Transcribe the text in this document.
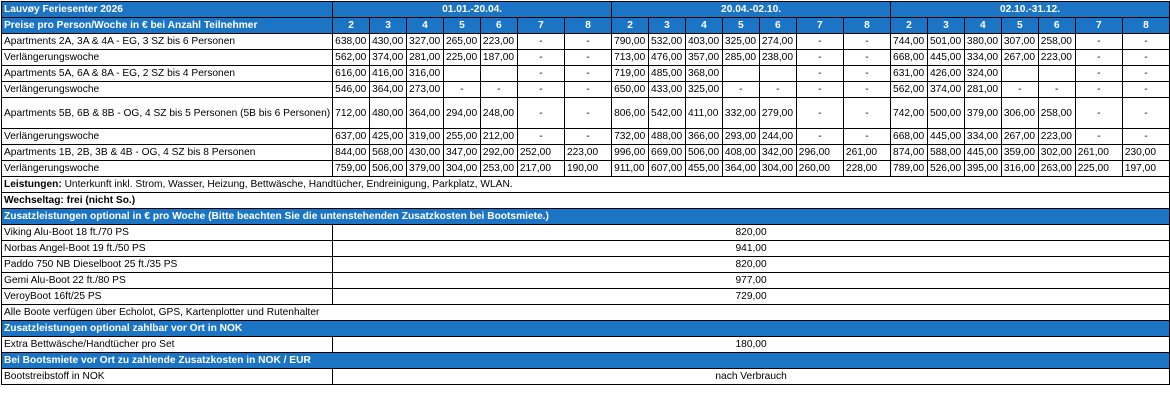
Lauvøy Feriesenter 2026	01.01.-20.04.							20.04.-02.10.							02.10.-31.12.						
Preise pro Person/Woche in € bei Anzahl Teilnehmer	2	3	4	5	6	7	8	2	3	4	5	6	7	8	2	3	4	5	6	7	8
Apartments 2A, 3A & 4A - EG, 3 SZ bis 6 Personen	638,00	430,00	327,00	265,00	223,00	-	-	790,00	532,00	403,00	325,00	274,00	-	-	744,00	501,00	380,00	307,00	258,00	-	-
Verlängerungswoche	562,00	374,00	281,00	225,00	187,00	-	-	713,00	476,00	357,00	285,00	238,00	-	-	668,00	445,00	334,00	267,00	223,00	-	-
Apartments 5A, 6A & 8A - EG, 2 SZ bis 4 Personen	616,00	416,00	316,00			-	-	719,00	485,00	368,00			-	-	631,00	426,00	324,00			-	-
Verlängerungswoche	546,00	364,00	273,00	-	-	-	-	650,00	433,00	325,00	-	-	-	-	562,00	374,00	281,00	-	-	-	-
Apartments 5B, 6B & 8B - OG, 4 SZ bis 5 Personen (5B bis 6 Personen)	712,00	480,00	364,00	294,00	248,00	-	-	806,00	542,00	411,00	332,00	279,00	-	-	742,00	500,00	379,00	306,00	258,00	-	-
Verlängerungswoche	637,00	425,00	319,00	255,00	212,00	-	-	732,00	488,00	366,00	293,00	244,00	-	-	668,00	445,00	334,00	267,00	223,00	-	-
Apartments 1B, 2B, 3B & 4B - OG, 4 SZ bis 8 Personen	844,00	568,00	430,00	347,00	292,00	252,00	223,00	996,00	669,00	506,00	408,00	342,00	296,00	261,00	874,00	588,00	445,00	359,00	302,00	261,00	230,00
Verlängerungswoche	759,00	506,00	379,00	304,00	253,00	217,00	190,00	911,00	607,00	455,00	364,00	304,00	260,00	228,00	789,00	526,00	395,00	316,00	263,00	225,00	197,00
Leistungen: Unterkunft inkl. Strom, Wasser, Heizung, Bettwäsche, Handtücher, Endreinigung, Parkplatz, WLAN.																					
Wechseltag: frei (nicht So.)																					
Zusatzleistungen optional in € pro Woche (Bitte beachten Sie die untenstehenden Zusatzkosten bei Bootsmiete.)																					
Viking Alu-Boot 18 ft./70 PS	820,00																				
Norbas Angel-Boot 19 ft./50 PS	941,00																				
Paddo 750 NB Dieselboot 25 ft./35 PS	820,00																				
Gemi Alu-Boot 22 ft./80 PS	977,00																				
VeroyBoot 16ft/25 PS	729,00																				
Alle Boote verfügen über Echolot, GPS, Kartenplotter und Rutenhalter																					
Zusatzleistungen optional zahlbar vor Ort in NOK																					
Extra Bettwäsche/Handtücher pro Set	180,00																				
Bei Bootsmiete vor Ort zu zahlende Zusatzkosten in NOK / EUR																					
Bootstreibstoff in NOK	nach Verbrauch																				
